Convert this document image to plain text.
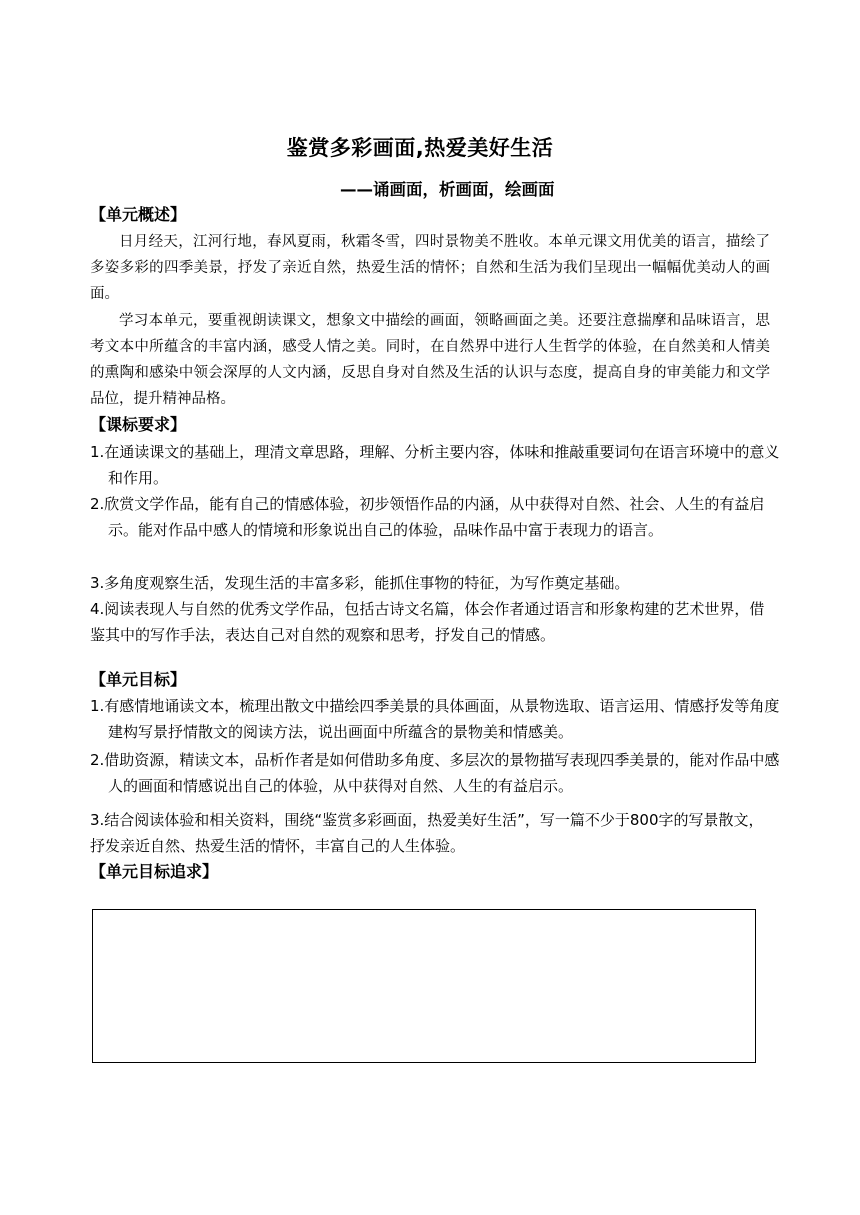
鉴赏多彩画面,热爱美好生活
——诵画面，析画面，绘画面
【单元概述】
日月经天，江河行地，春风夏雨，秋霜冬雪，四时景物美不胜收。本单元课文用优美的语言，描绘了多姿多彩的四季美景，抒发了亲近自然，热爱生活的情怀；自然和生活为我们呈现出一幅幅优美动人的画面。
学习本单元，要重视朗读课文，想象文中描绘的画面，领略画面之美。还要注意揣摩和品味语言，思考文本中所蕴含的丰富内涵，感受人情之美。同时，在自然界中进行人生哲学的体验，在自然美和人情美的熏陶和感染中领会深厚的人文内涵，反思自身对自然及生活的认识与态度，提高自身的审美能力和文学品位，提升精神品格。
【课标要求】
1.在通读课文的基础上，理清文章思路，理解、分析主要内容，体味和推敲重要词句在语言环境中的意义和作用。
2.欣赏文学作品，能有自己的情感体验，初步领悟作品的内涵，从中获得对自然、社会、人生的有益启示。能对作品中感人的情境和形象说出自己的体验，品味作品中富于表现力的语言。
3.多角度观察生活，发现生活的丰富多彩，能抓住事物的特征，为写作奠定基础。
4.阅读表现人与自然的优秀文学作品，包括古诗文名篇，体会作者通过语言和形象构建的艺术世界，借鉴其中的写作手法，表达自己对自然的观察和思考，抒发自己的情感。
【单元目标】
1.有感情地诵读文本，梳理出散文中描绘四季美景的具体画面，从景物选取、语言运用、情感抒发等角度建构写景抒情散文的阅读方法，说出画面中所蕴含的景物美和情感美。
2.借助资源，精读文本，品析作者是如何借助多角度、多层次的景物描写表现四季美景的，能对作品中感人的画面和情感说出自己的体验，从中获得对自然、人生的有益启示。
3.结合阅读体验和相关资料，围绕“鉴赏多彩画面，热爱美好生活”，写一篇不少于800字的写景散文，抒发亲近自然、热爱生活的情怀，丰富自己的人生体验。
【单元目标追求】
